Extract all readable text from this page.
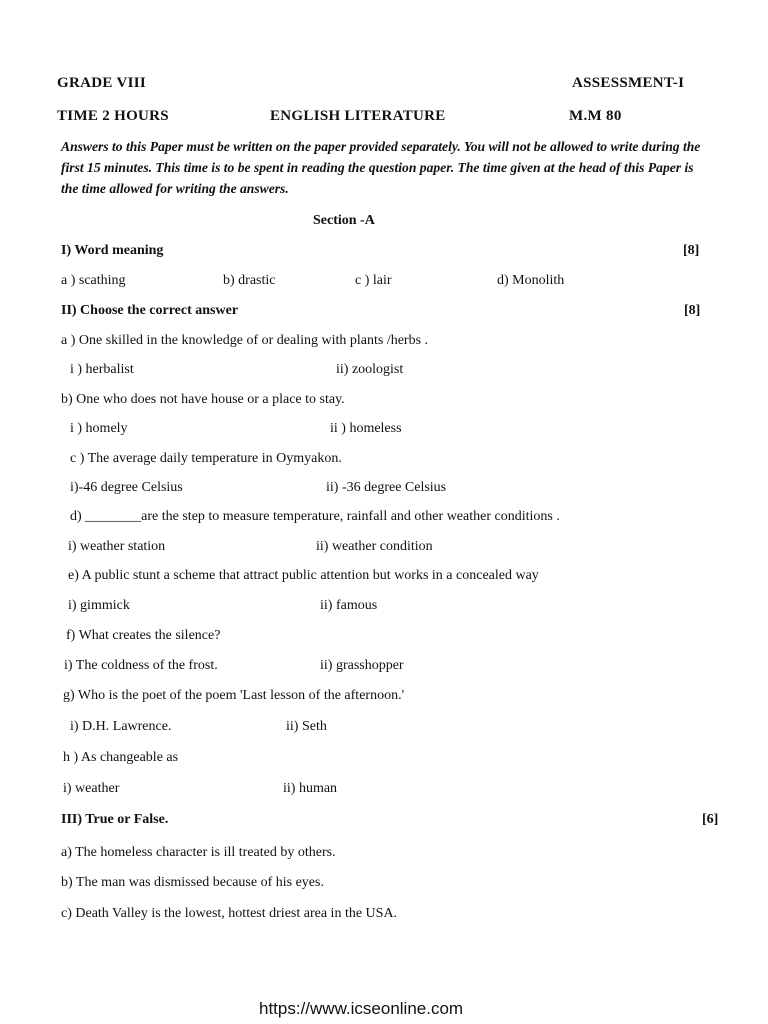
GRADE VIII	ASSESSMENT-I
TIME 2 HOURS	ENGLISH LITERATURE	M.M 80
Answers to this Paper must be written on the paper provided separately. You will not be allowed to write during the first 15 minutes. This time is to be spent in reading the question paper. The time given at the head of this Paper is the time allowed for writing the answers.
Section -A
I) Word meaning	[8]
a ) scathing	b) drastic	c ) lair	d) Monolith
II) Choose the correct answer	[8]
a ) One skilled in the knowledge of or dealing with plants /herbs .
i ) herbalist	ii) zoologist
b) One who does not have house or a place to stay.
i ) homely	ii ) homeless
c ) The average daily temperature in Oymyakon.
i)-46 degree Celsius	ii) -36 degree Celsius
d) ________are the step to measure temperature, rainfall and other weather conditions .
i) weather station	ii) weather condition
e) A public stunt a scheme that attract public attention but works in a concealed way
i) gimmick	ii) famous
f) What creates the silence?
i) The coldness of the frost.	ii) grasshopper
g) Who is the poet of the poem 'Last lesson of the afternoon.'
i) D.H. Lawrence.	ii) Seth
h ) As changeable as
i) weather	ii) human
III) True or False.	[6]
a) The homeless character is ill treated by others.
b) The man was dismissed because of his eyes.
c) Death Valley is the lowest, hottest driest area in the USA.
https://www.icseonline.com
